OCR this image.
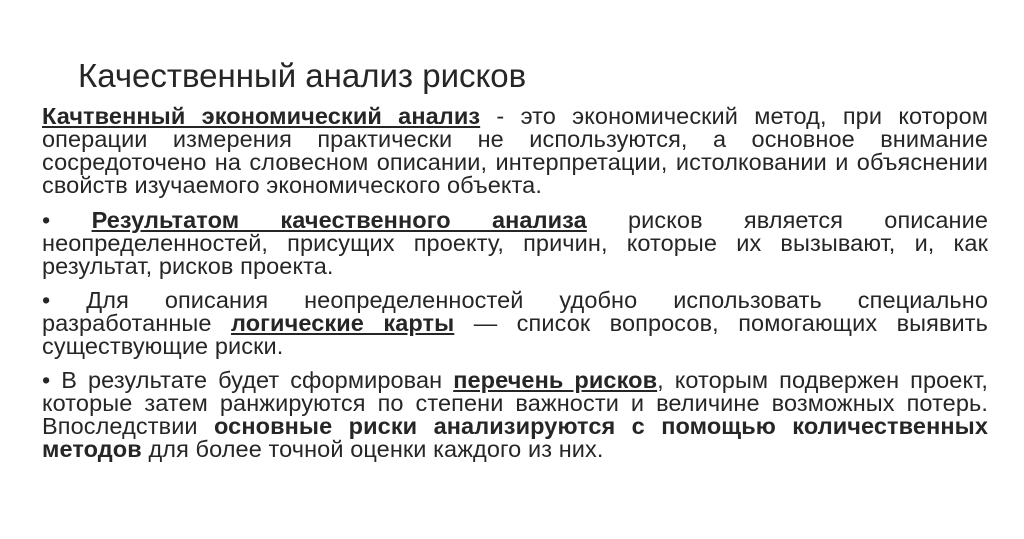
Качественный анализ рисков

Качтвенный экономический анализ - это экономический метод, при котором операции измерения практически не используются, а основное внимание сосредоточено на словесном описании, интерпретации, истолковании и объяснении свойств изучаемого экономического объекта.

• Результатом качественного анализа рисков является описание неопределенностей, присущих проекту, причин, которые их вызывают, и, как результат, рисков проекта.

• Для описания неопределенностей удобно использовать специально разработанные логические карты — список вопросов, помогающих выявить существующие риски.

• В результате будет сформирован перечень рисков, которым подвержен проект, которые затем ранжируются по степени важности и величине возможных потерь. Впоследствии основные риски анализируются с помощью количественных методов для более точной оценки каждого из них.
